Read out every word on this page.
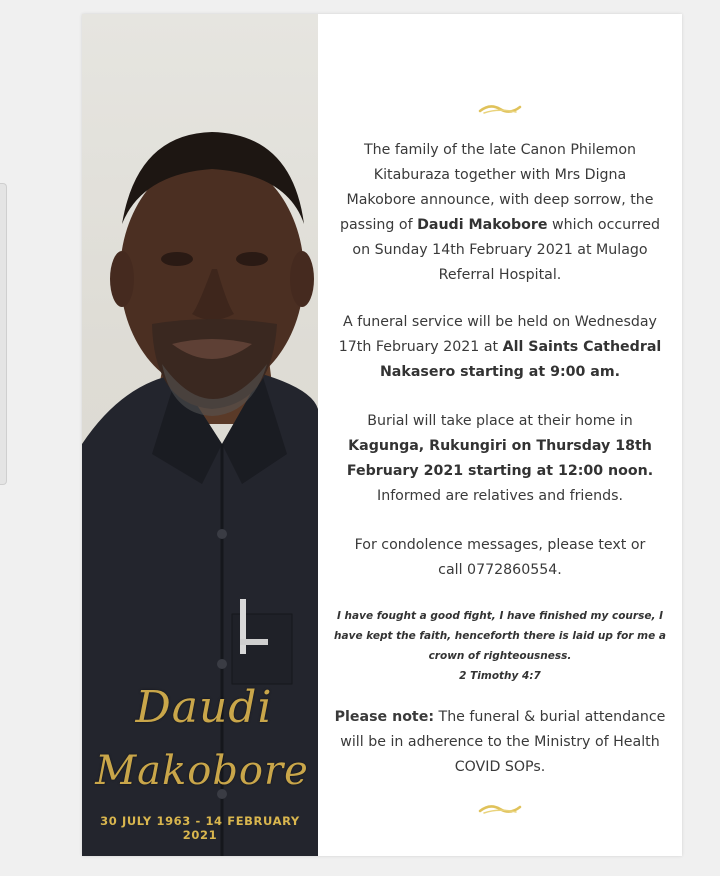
Daudi
Makobore
30 JULY 1963 - 14 FEBRUARY 2021
The family of the late Canon Philemon
Kitaburaza together with Mrs Digna
Makobore announce, with deep sorrow, the
passing of Daudi Makobore which occurred
on Sunday 14th February 2021 at Mulago
Referral Hospital.
A funeral service will be held on Wednesday
17th February 2021 at All Saints Cathedral
Nakasero starting at 9:00 am.
Burial will take place at their home in
Kagunga, Rukungiri on Thursday 18th
February 2021 starting at 12:00 noon.
Informed are relatives and friends.
For condolence messages, please text or
call 0772860554.
I have fought a good fight, I have finished my course, I
have kept the faith, henceforth there is laid up for me a
crown of righteousness.
2 Timothy 4:7
Please note: The funeral & burial attendance
will be in adherence to the Ministry of Health
COVID SOPs.
